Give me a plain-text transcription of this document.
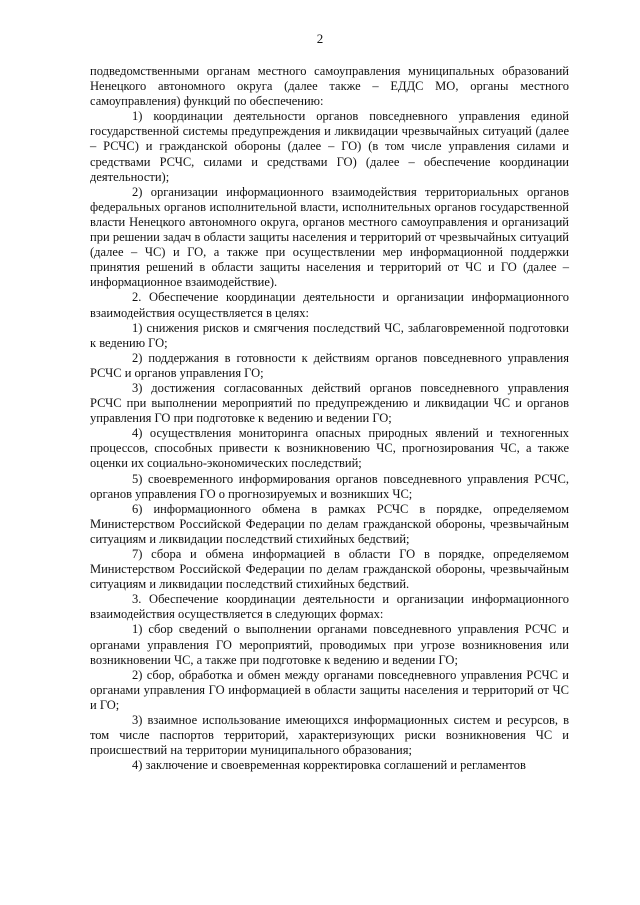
2

подведомственными органам местного самоуправления муниципальных образований Ненецкого автономного округа (далее также – ЕДДС МО, органы местного самоуправления) функций по обеспечению:

1) координации деятельности органов повседневного управления единой государственной системы предупреждения и ликвидации чрезвычайных ситуаций (далее – РСЧС) и гражданской обороны (далее – ГО) (в том числе управления силами и средствами РСЧС, силами и средствами ГО) (далее – обеспечение координации деятельности);

2) организации информационного взаимодействия территориальных органов федеральных органов исполнительной власти, исполнительных органов государственной власти Ненецкого автономного округа, органов местного самоуправления и организаций при решении задач в области защиты населения и территорий от чрезвычайных ситуаций (далее – ЧС) и ГО, а также при осуществлении мер информационной поддержки принятия решений в области защиты населения и территорий от ЧС и ГО (далее – информационное взаимодействие).

2. Обеспечение координации деятельности и организации информационного взаимодействия осуществляется в целях:

1) снижения рисков и смягчения последствий ЧС, заблаговременной подготовки к ведению ГО;

2) поддержания в готовности к действиям органов повседневного управления РСЧС и органов управления ГО;

3) достижения согласованных действий органов повседневного управления РСЧС при выполнении мероприятий по предупреждению и ликвидации ЧС и органов управления ГО при подготовке к ведению и ведении ГО;

4) осуществления мониторинга опасных природных явлений и техногенных процессов, способных привести к возникновению ЧС, прогнозирования ЧС, а также оценки их социально-экономических последствий;

5) своевременного информирования органов повседневного управления РСЧС, органов управления ГО о прогнозируемых и возникших ЧС;

6) информационного обмена в рамках РСЧС в порядке, определяемом Министерством Российской Федерации по делам гражданской обороны, чрезвычайным ситуациям и ликвидации последствий стихийных бедствий;

7) сбора и обмена информацией в области ГО в порядке, определяемом Министерством Российской Федерации по делам гражданской обороны, чрезвычайным ситуациям и ликвидации последствий стихийных бедствий.

3. Обеспечение координации деятельности и организации информационного взаимодействия осуществляется в следующих формах:

1) сбор сведений о выполнении органами повседневного управления РСЧС и органами управления ГО мероприятий, проводимых при угрозе возникновения или возникновении ЧС, а также при подготовке к ведению и ведении ГО;

2) сбор, обработка и обмен между органами повседневного управления РСЧС и органами управления ГО информацией в области защиты населения и территорий от ЧС и ГО;

3) взаимное использование имеющихся информационных систем и ресурсов, в том числе паспортов территорий, характеризующих риски возникновения ЧС и происшествий на территории муниципального образования;

4) заключение и своевременная корректировка соглашений и регламентов
